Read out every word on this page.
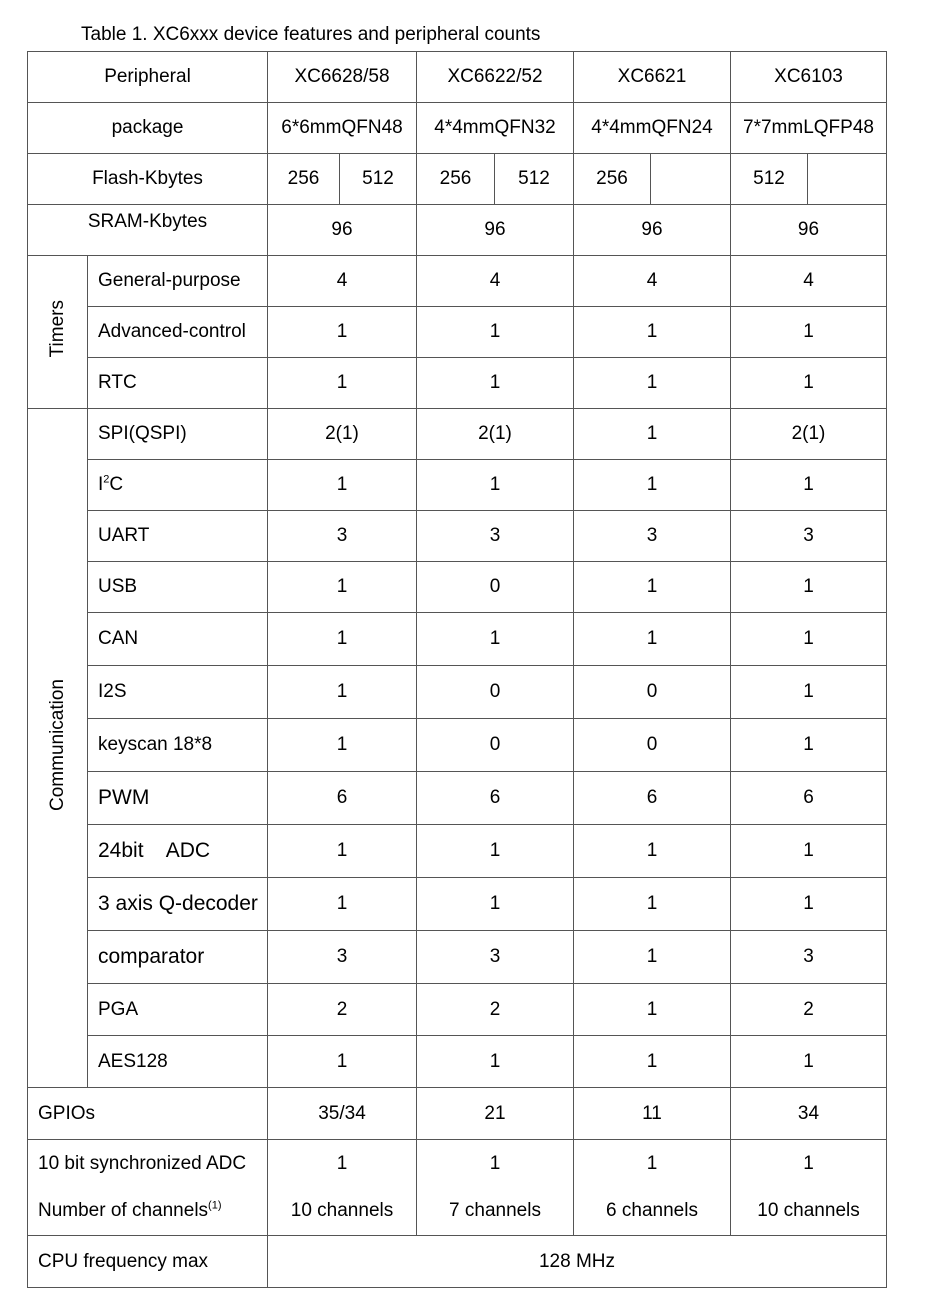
Table 1. XC6xxx device features and peripheral counts
Peripheral		XC6628/58		XC6622/52		XC6621		XC6103	
package		6*6mmQFN48		4*4mmQFN32		4*4mmQFN24		7*7mmLQFP48	
Flash-Kbytes		256	512	256	512	256		512	
SRAM-Kbytes		96		96		96		96	
Timers	General-purpose	4		4		4		4	
	Advanced-control	1		1		1		1	
	RTC	1		1		1		1	
Communication	SPI(QSPI)	2(1)		2(1)		1		2(1)	
	$I^2C$	1		1		1		1	
	UART	3		3		3		3	
	USB	1		0		1		1	
	CAN	1		1		1		1	
	I2S	1		0		0		1	
	keyscan 18*8	1		0		0		1	
	PWM	6		6		6		6	
	24bit    ADC	1		1		1		1	
	3 axis Q-decoder	1		1		1		1	
	comparator	3		3		1		3	
	PGA	2		2		1		2	
	AES128	1		1		1		1	
GPIOs		35/34		21		11		34	
10 bit synchronized ADC		1		1		1		1	
Number of channels$^{(1)}$		10 channels		7 channels		6 channels		10 channels	
CPU frequency max		128 MHz							
